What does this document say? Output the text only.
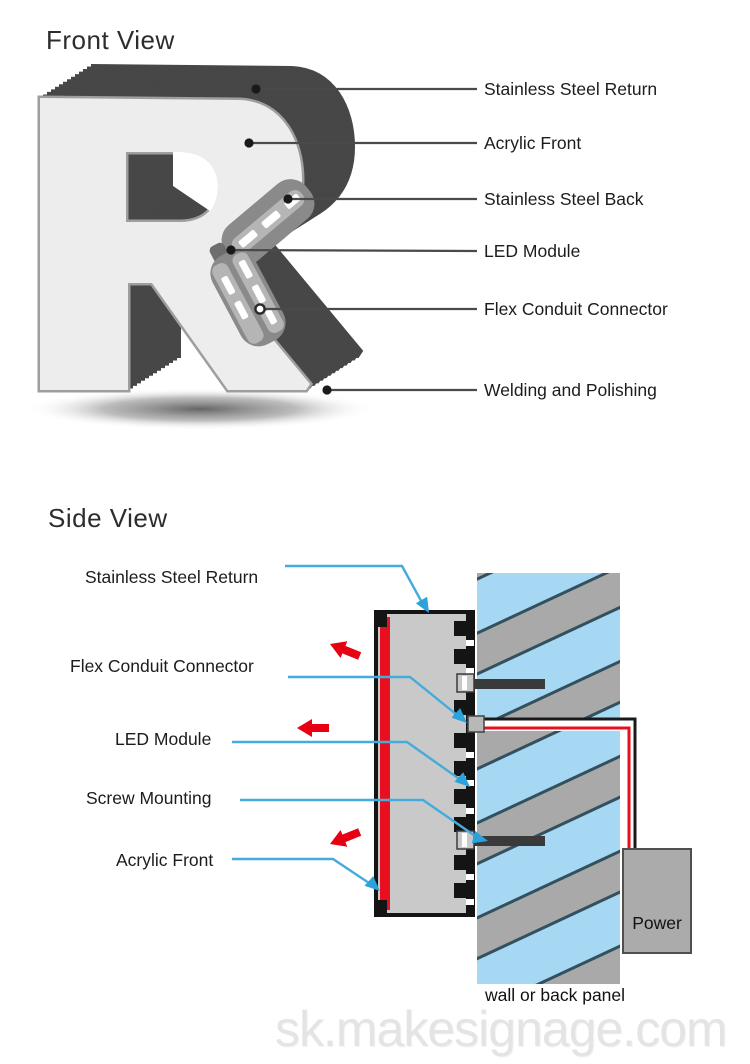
Front View
Stainless Steel Return
Acrylic Front
Stainless Steel Back
LED Module
Flex Conduit Connector
Welding and Polishing
Side View
Stainless Steel Return
Flex Conduit Connector
LED Module
Screw Mounting
Acrylic Front
Power
wall or back panel
sk.makesignage.com
